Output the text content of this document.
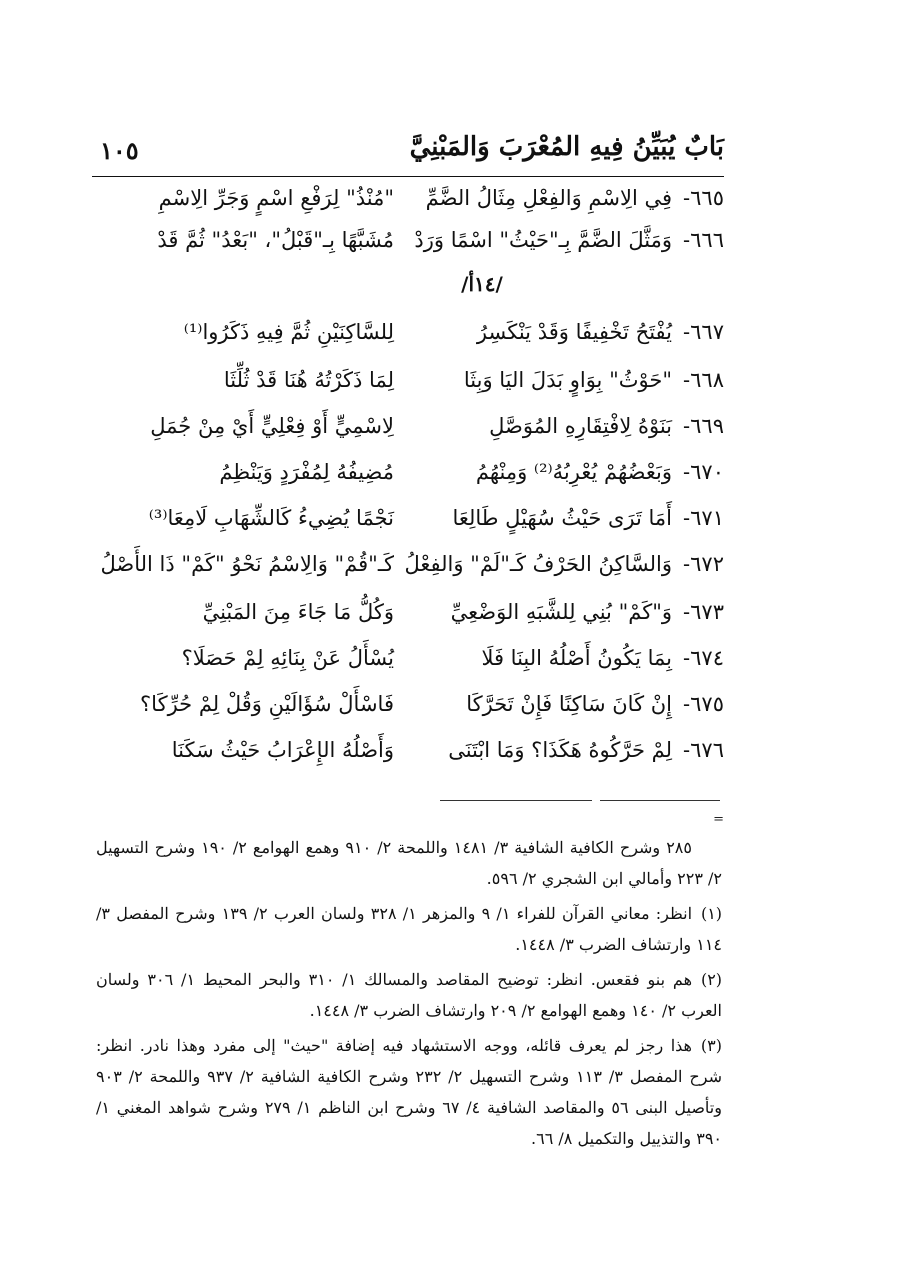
بَابٌ يُبَيِّنُ فِيهِ المُعْرَبَ وَالمَبْنِيَّ
١٠٥
٦٦٥-
فِي الِاسْمِ وَالفِعْلِ مِثَالُ الضَّمِّ
"مُنْذُ" لِرَفْعِ اسْمٍ وَجَرِّ الِاسْمِ
٦٦٦-
وَمَثَّلَ الضَّمَّ بِـ"حَيْثُ" اسْمًا وَرَدْ
مُشَبَّهًا بِـ"قَبْلُ"، "بَعْدُ" ثُمَّ قَدْ
/١٤أ/
٦٦٧-
يُفْتَحُ تَخْفِيفًا وَقَدْ يَنْكَسِرُ
لِلسَّاكِنَيْنِ ثُمَّ فِيهِ ذَكَرُوا⁽¹⁾
٦٦٨-
"حَوْثُ" بِوَاوٍ بَدَلَ اليَا وَبِثَا
لِمَا ذَكَرْتُهُ هُنَا قَدْ ثُلِّثَا
٦٦٩-
بَنَوْهُ لِافْتِقَارِهِ المُوَصَّلِ
لِاسْمِيٍّ أَوْ فِعْلِيٍّ أَيْ مِنْ جُمَلِ
٦٧٠-
وَبَعْضُهُمْ يُعْرِبُهُ⁽²⁾ وَمِنْهُمُ
مُضِيفُهُ لِمُفْرَدٍ وَيَنْظِمُ
٦٧١-
أَمَا تَرَى حَيْثُ سُهَيْلٍ طَالِعَا
نَجْمًا يُضِيءُ كَالشِّهَابِ لَامِعَا⁽³⁾
٦٧٢-
وَالسَّاكِنُ الحَرْفُ كَـ"لَمْ" وَالفِعْلُ
كَـ"قُمْ" وَالِاسْمُ نَحْوُ "كَمْ" ذَا الأَصْلُ
٦٧٣-
وَ"كَمْ" بُنِي لِلشَّبَهِ الوَضْعِيِّ
وَكُلُّ مَا جَاءَ مِنَ المَبْنِيِّ
٦٧٤-
بِمَا يَكُونُ أَصْلُهُ البِنَا فَلَا
يُسْأَلُ عَنْ بِنَائِهِ لِمْ حَصَلَا؟
٦٧٥-
إِنْ كَانَ سَاكِنًا فَإِنْ تَحَرَّكَا
فَاسْأَلْ سُؤَالَيْنِ وَقُلْ لِمْ حُرِّكَا؟
٦٧٦-
لِمْ حَرَّكُوهُ هَكَذَا؟ وَمَا ابْتَنَى
وَأَصْلُهُ الإِعْرَابُ حَيْثُ سَكَنَا
=
٢٨٥ وشرح الكافية الشافية ٣/ ١٤٨١ واللمحة ٢/ ٩١٠ وهمع الهوامع ٢/ ١٩٠ وشرح التسهيل ٢/ ٢٢٣ وأمالي ابن الشجري ٢/ ٥٩٦.
(١)انظر: معاني القرآن للفراء ١/ ٩ والمزهر ١/ ٣٢٨ ولسان العرب ٢/ ١٣٩ وشرح المفصل ٣/ ١١٤ وارتشاف الضرب ٣/ ١٤٤٨.
(٢)هم بنو فقعس. انظر: توضيح المقاصد والمسالك ١/ ٣١٠ والبحر المحيط ١/ ٣٠٦ ولسان العرب ٢/ ١٤٠ وهمع الهوامع ٢/ ٢٠٩ وارتشاف الضرب ٣/ ١٤٤٨.
(٣)هذا رجز لم يعرف قائله، ووجه الاستشهاد فيه إضافة "حيث" إلى مفرد وهذا نادر. انظر: شرح المفصل ٣/ ١١٣ وشرح التسهيل ٢/ ٢٣٢ وشرح الكافية الشافية ٢/ ٩٣٧ واللمحة ٢/ ٩٠٣ وتأصيل البنى ٥٦ والمقاصد الشافية ٤/ ٦٧ وشرح ابن الناظم ١/ ٢٧٩ وشرح شواهد المغني ١/ ٣٩٠ والتذييل والتكميل ٨/ ٦٦.
